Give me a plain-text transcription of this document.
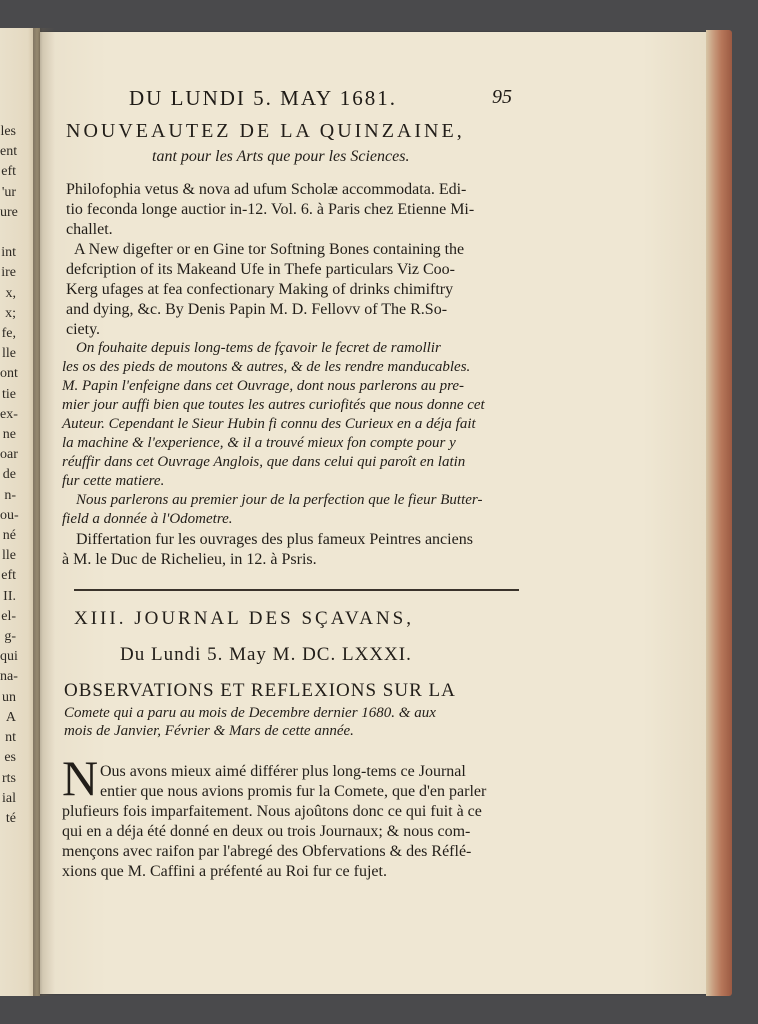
les
ent
eft
'ur
ure

int
ire
x,
x;
fe,
lle
ont
tie
ex-
ne
oar
de
n-
ou-
né
lle
eft
II.
el-
g-
qui
na-
un
A
nt
es
rts
ial
té
DU LUNDI 5. MAY 1681.	95
NOUVEAUTEZ DE LA QUINZAINE,
tant pour les Arts que pour les Sciences.
Philofophia vetus & nova ad ufum Scholæ accommodata. Edi-
tio feconda longe auctior in-12. Vol. 6. à Paris chez Etienne Mi-
challet.
A New digefter or en Gine tor Softning Bones containing the
defcription of its Makeand Ufe in Thefe particulars Viz Coo-
Kerg ufages at fea confectionary Making of drinks chimiftry
and dying, &c. By Denis Papin M. D. Fellovv of The R.So-
ciety.
On fouhaite depuis long-tems de fçavoir le fecret de ramollir
les os des pieds de moutons & autres, & de les rendre manducables.
M. Papin l'enfeigne dans cet Ouvrage, dont nous parlerons au pre-
mier jour auffi bien que toutes les autres curiofités que nous donne cet
Auteur. Cependant le Sieur Hubin fi connu des Curieux en a déja fait
la machine & l'experience, & il a trouvé mieux fon compte pour y
réuffir dans cet Ouvrage Anglois, que dans celui qui paroît en latin
fur cette matiere.
Nous parlerons au premier jour de la perfection que le fieur Butter-
field a donnée à l'Odometre.
Differtation fur les ouvrages des plus fameux Peintres anciens
à M. le Duc de Richelieu, in 12. à Psris.
XIII. JOURNAL DES SÇAVANS,
Du Lundi 5. May M. DC. LXXXI.
OBSERVATIONS ET REFLEXIONS SUR LA
Comete qui a paru au mois de Decembre dernier 1680. & aux
mois de Janvier, Février & Mars de cette année.
N Ous avons mieux aimé différer plus long-tems ce Journal
entier que nous avions promis fur la Comete, que d'en parler
plufieurs fois imparfaitement. Nous ajoûtons donc ce qui fuit à ce
qui en a déja été donné en deux ou trois Journaux; & nous com-
mençons avec raifon par l'abregé des Obfervations & des Réflé-
xions que M. Caffini a préfenté au Roi fur ce fujet.
